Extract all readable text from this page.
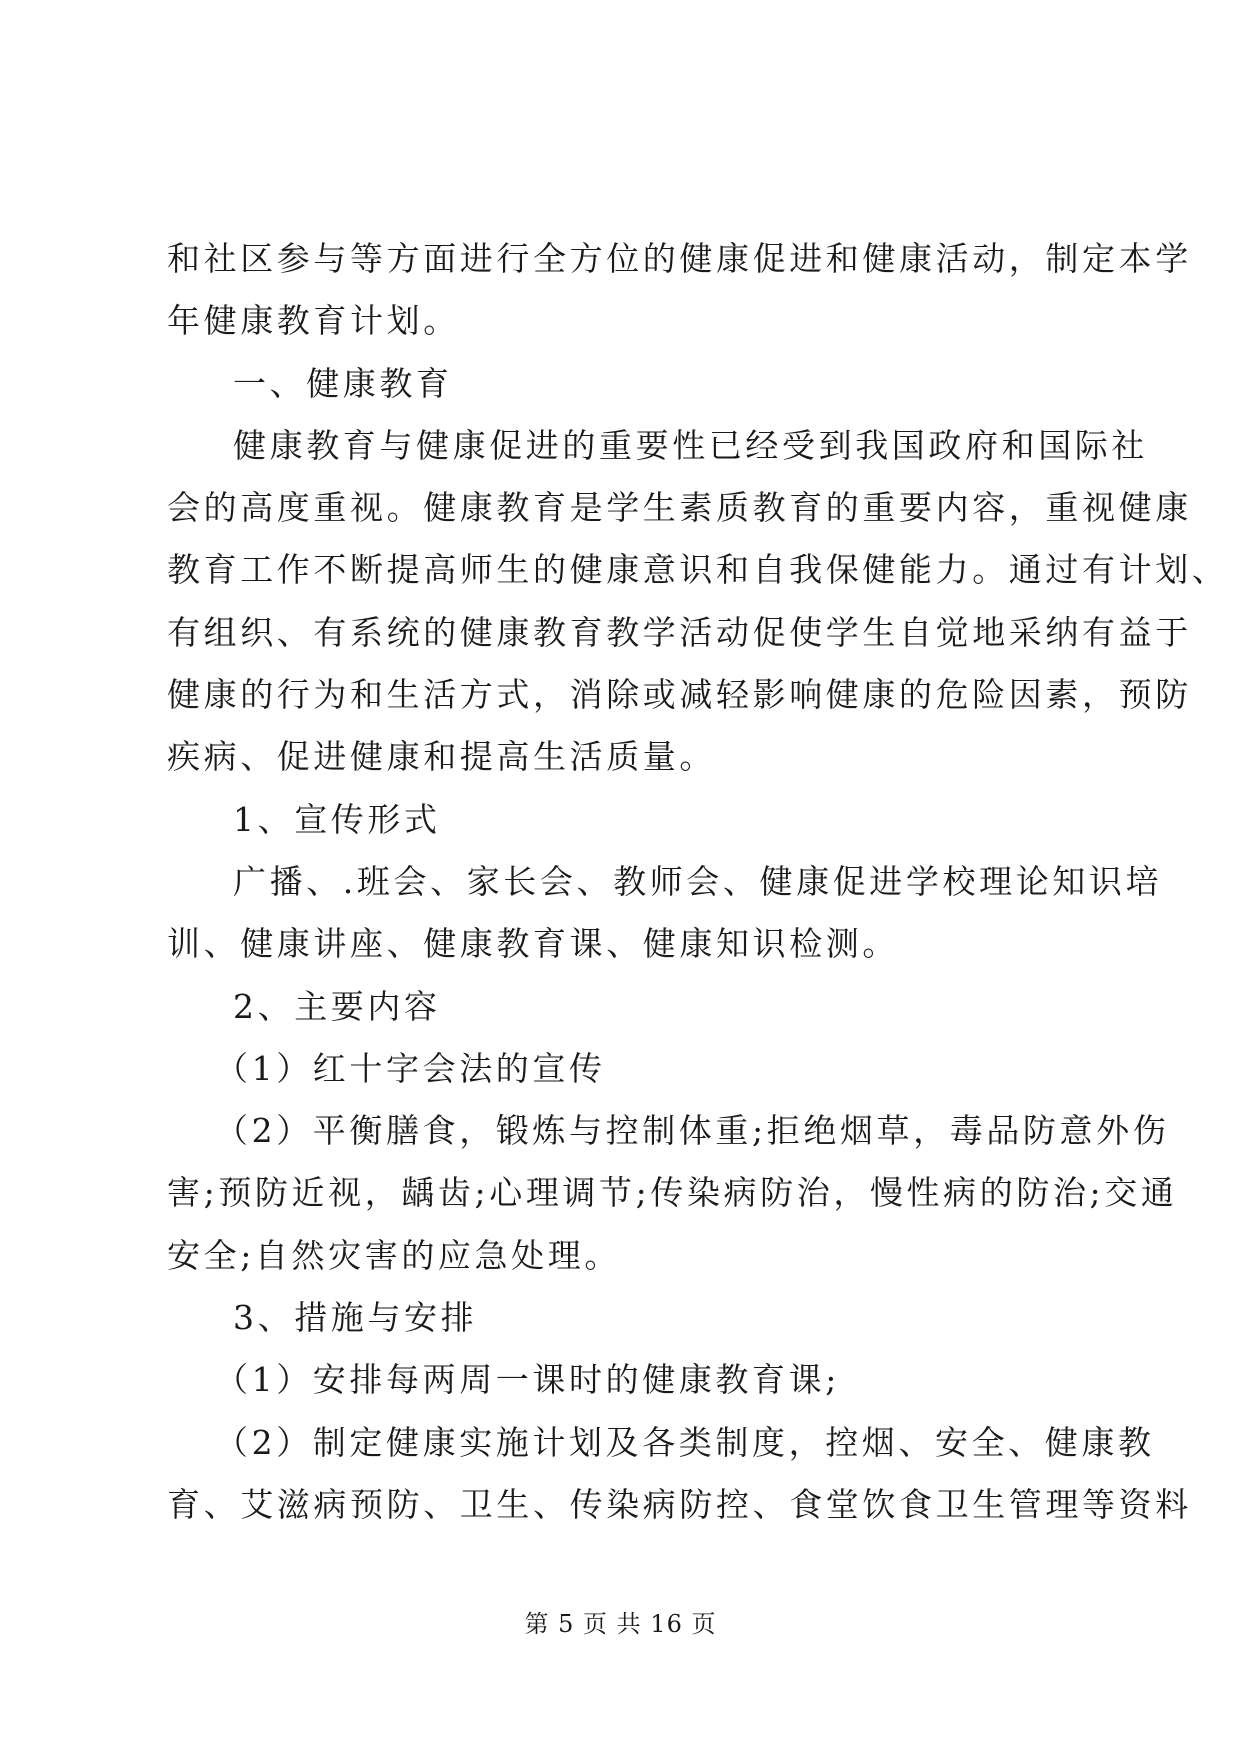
和社区参与等方面进行全方位的健康促进和健康活动，制定本学
年健康教育计划。
一、健康教育
健康教育与健康促进的重要性已经受到我国政府和国际社
会的高度重视。健康教育是学生素质教育的重要内容，重视健康
教育工作不断提高师生的健康意识和自我保健能力。通过有计划、
有组织、有系统的健康教育教学活动促使学生自觉地采纳有益于
健康的行为和生活方式，消除或减轻影响健康的危险因素，预防
疾病、促进健康和提高生活质量。
1、宣传形式
广播、.班会、家长会、教师会、健康促进学校理论知识培
训、健康讲座、健康教育课、健康知识检测。
2、主要内容
（1）红十字会法的宣传
（2）平衡膳食，锻炼与控制体重;拒绝烟草，毒品防意外伤
害;预防近视，龋齿;心理调节;传染病防治，慢性病的防治;交通
安全;自然灾害的应急处理。
3、措施与安排
（1）安排每两周一课时的健康教育课;
（2）制定健康实施计划及各类制度，控烟、安全、健康教
育、艾滋病预防、卫生、传染病防控、食堂饮食卫生管理等资料
第 5 页 共 16 页
